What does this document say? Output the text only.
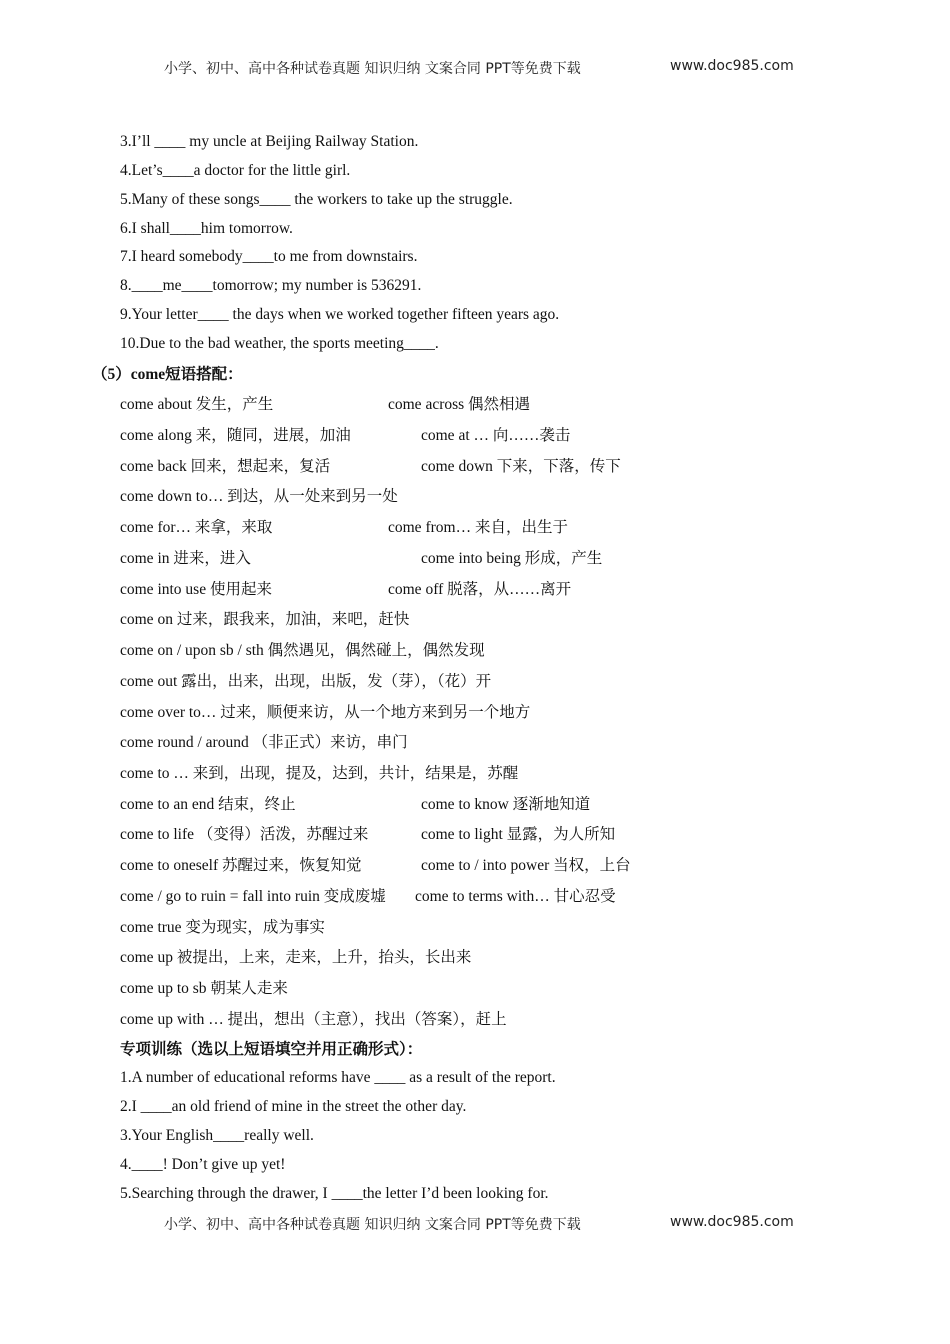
小学、初中、高中各种试卷真题 知识归纳 文案合同 PPT等免费下载	www.doc985.com
3.I’ll ____ my uncle at Beijing Railway Station.
4.Let’s____a doctor for the little girl.
5.Many of these songs____ the workers to take up the struggle.
6.I shall____him tomorrow.
7.I heard somebody____to me from downstairs.
8.____me____tomorrow; my number is 536291.
9.Your letter____ the days when we worked together fifteen years ago.
10.Due to the bad weather, the sports meeting____.
（5）come短语搭配：
come about 发生，产生	come across 偶然相遇
come along 来，随同，进展，加油	come at … 向……袭击
come back 回来，想起来，复活	come down 下来，下落，传下
come down to… 到达，从一处来到另一处
come for… 来拿，来取	come from… 来自，出生于
come in 进来，进入	come into being 形成，产生
come into use 使用起来	come off 脱落，从……离开
come on 过来，跟我来，加油，来吧，赶快
come on / upon sb / sth 偶然遇见，偶然碰上，偶然发现
come out 露出，出来，出现，出版，发（芽），（花）开
come over to… 过来，顺便来访，从一个地方来到另一个地方
come round / around （非正式）来访，串门
come to … 来到，出现，提及，达到，共计，结果是，苏醒
come to an end 结束，终止	come to know 逐渐地知道
come to life （变得）活泼，苏醒过来	come to light 显露，为人所知
come to oneself 苏醒过来，恢复知觉	come to / into power 当权，上台
come / go to ruin = fall into ruin 变成废墟 come to terms with… 甘心忍受
come true 变为现实，成为事实
come up 被提出，上来，走来，上升，抬头，长出来
come up to sb 朝某人走来
come up with … 提出，想出（主意），找出（答案），赶上
专项训练（选以上短语填空并用正确形式）：
1.A number of educational reforms have ____ as a result of the report.
2.I ____an old friend of mine in the street the other day.
3.Your English____really well.
4.____! Don’t give up yet!
5.Searching through the drawer, I ____the letter I’d been looking for.
小学、初中、高中各种试卷真题 知识归纳 文案合同 PPT等免费下载	www.doc985.com
